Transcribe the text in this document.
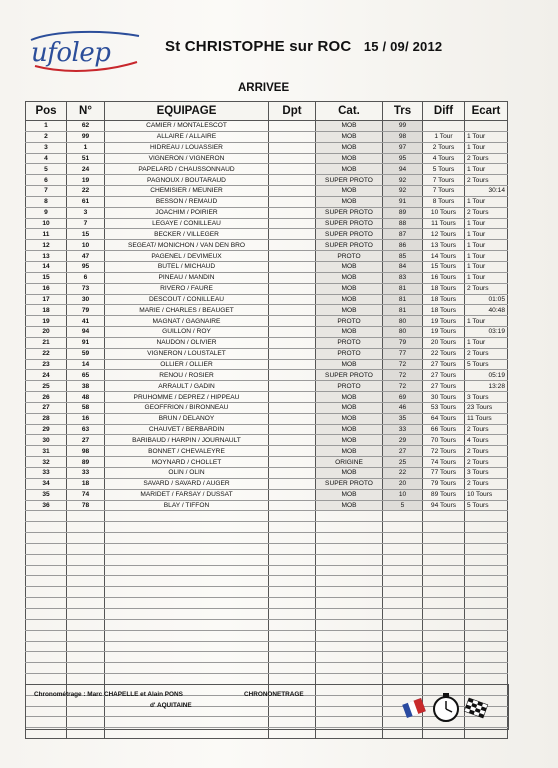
ufolep	St CHRISTOPHE sur ROC 15 / 09/ 2012
ARRIVEE
Pos	N°	EQUIPAGE	Dpt	Cat.	Trs	Diff	Ecart
1	62	CAMIER / MONTALESCOT		MOB	99		
2	99	ALLAIRE / ALLAIRE		MOB	98	1 Tour	1 Tour
3	1	HIDREAU / LOUASSIER		MOB	97	2 Tours	1 Tour
4	51	VIGNERON / VIGNERON		MOB	95	4 Tours	2 Tours
5	24	PAPELARD / CHAUSSONNAUD		MOB	94	5 Tours	1 Tour
6	19	PAGNOUX / BOUTARAUD		SUPER PROTO	92	7 Tours	2 Tours
7	22	CHEMISIER / MEUNIER		MOB	92	7 Tours	30:14
8	61	BESSON / REMAUD		MOB	91	8 Tours	1 Tour
9	3	JOACHIM / POIRIER		SUPER PROTO	89	10 Tours	2 Tours
10	7	LEGAYE / CONILLEAU		SUPER PROTO	88	11 Tours	1 Tour
11	15	BECKER / VILLEGER		SUPER PROTO	87	12 Tours	1 Tour
12	10	SEGEAT/ MONICHON / VAN DEN BRO		SUPER PROTO	86	13 Tours	1 Tour
13	47	PAGENEL / DEVIMEUX		PROTO	85	14 Tours	1 Tour
14	95	BUTEL / MICHAUD		MOB	84	15 Tours	1 Tour
15	6	PINEAU / MANDIN		MOB	83	16 Tours	1 Tour
16	73	RIVERO / FAURE		MOB	81	18 Tours	2 Tours
17	30	DESCOUT / CONILLEAU		MOB	81	18 Tours	01:05
18	79	MARIE / CHARLES / BEAUGET		MOB	81	18 Tours	40:48
19	41	MAGNAT / GAGNAIRE		PROTO	80	19 Tours	1 Tour
20	94	GUILLON / ROY		MOB	80	19 Tours	03:19
21	91	NAUDON / OLIVIER		PROTO	79	20 Tours	1 Tour
22	59	VIGNERON / LOUSTALET		PROTO	77	22 Tours	2 Tours
23	14	OLLIER / OLLIER		MOB	72	27 Tours	5 Tours
24	65	RENOU / ROSIER		SUPER PROTO	72	27 Tours	05:19
25	38	ARRAULT / GADIN		PROTO	72	27 Tours	13:28
26	48	PRUHOMME / DEPREZ / HIPPEAU		MOB	69	30 Tours	3 Tours
27	58	GEOFFRION / BIRONNEAU		MOB	46	53 Tours	23 Tours
28	16	BRUN / DELANOY		MOB	35	64 Tours	11 Tours
29	63	CHAUVET / BERBARDIN		MOB	33	66 Tours	2 Tours
30	27	BARIBAUD / HARPIN / JOURNAULT		MOB	29	70 Tours	4 Tours
31	98	BONNET / CHEVALEYRE		MOB	27	72 Tours	2 Tours
32	89	MOYNARD / CHOLLET		ORIGINE	25	74 Tours	2 Tours
33	33	OLIN / OLIN		MOB	22	77 Tours	3 Tours
34	18	SAVARD / SAVARD / AUGER		SUPER PROTO	20	79 Tours	2 Tours
35	74	MARIDET / FARSAY / DUSSAT		MOB	10	89 Tours	10 Tours
36	78	BLAY / TIFFON		MOB	5	94 Tours	5 Tours

Chronométrage : Marc CHAPELLE et Alain PONS
d' AQUITAINE
CHRONONETRAGE
